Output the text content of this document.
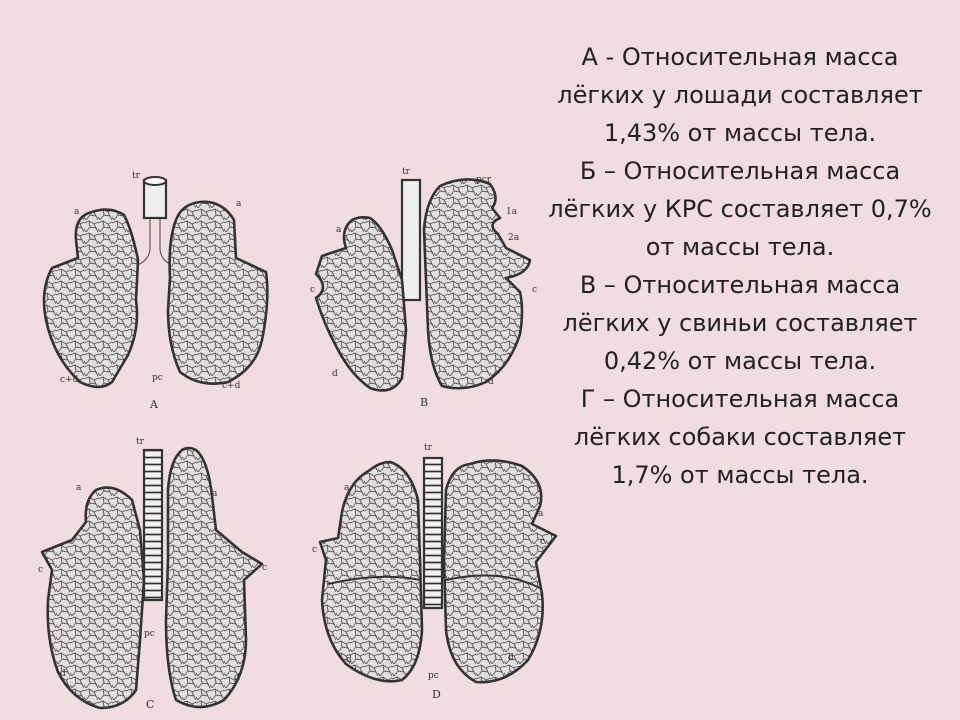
tr
a
a
pc
c+d
c+d
A
tr
pcr
1a
2a
a
c	c
d
d
B
tr
a
a
c	c
pc
d	d
C
tr
a
a
c
c
pc
d	d
D

А - Относительная масса
лёгких у лошади составляет
1,43% от массы тела.

Б – Относительная масса
лёгких у КРС составляет 0,7%
от массы тела.

В – Относительная масса
лёгких у свиньи составляет
0,42% от массы тела.

Г – Относительная масса
лёгких собаки составляет
1,7% от массы тела.
